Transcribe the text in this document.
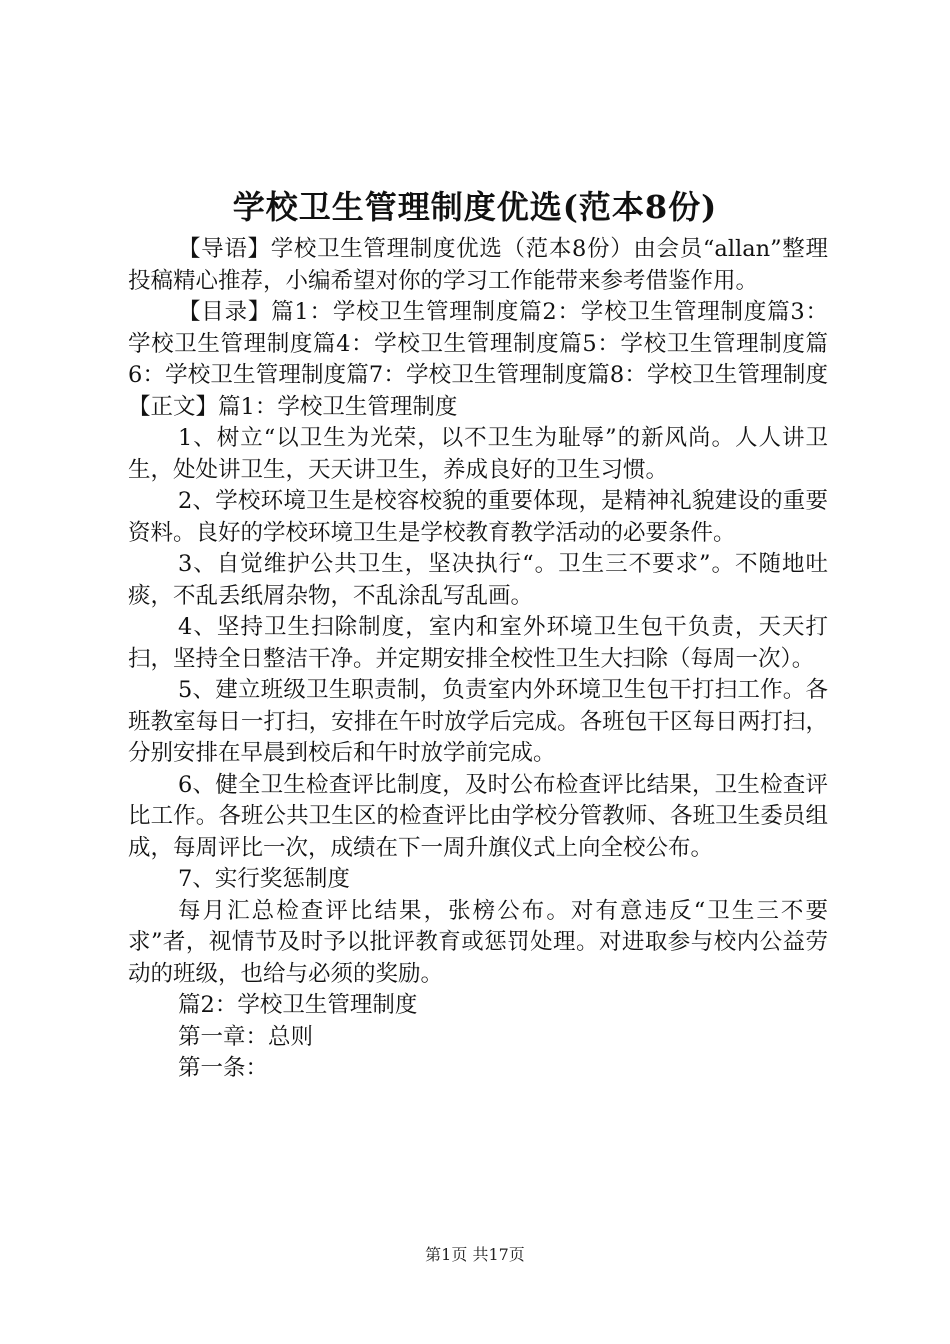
学校卫生管理制度优选(范本8份)

【导语】学校卫生管理制度优选（范本8份）由会员“allan”整理投稿精心推荐，小编希望对你的学习工作能带来参考借鉴作用。

【目录】篇1：学校卫生管理制度篇2：学校卫生管理制度篇3：学校卫生管理制度篇4：学校卫生管理制度篇5：学校卫生管理制度篇6：学校卫生管理制度篇7：学校卫生管理制度篇8：学校卫生管理制度【正文】篇1：学校卫生管理制度

1、树立“以卫生为光荣，以不卫生为耻辱”的新风尚。人人讲卫生，处处讲卫生，天天讲卫生，养成良好的卫生习惯。

2、学校环境卫生是校容校貌的重要体现，是精神礼貌建设的重要资料。良好的学校环境卫生是学校教育教学活动的必要条件。

3、自觉维护公共卫生，坚决执行“。卫生三不要求”。不随地吐痰，不乱丢纸屑杂物，不乱涂乱写乱画。

4、坚持卫生扫除制度，室内和室外环境卫生包干负责，天天打扫，坚持全日整洁干净。并定期安排全校性卫生大扫除（每周一次）。

5、建立班级卫生职责制，负责室内外环境卫生包干打扫工作。各班教室每日一打扫，安排在午时放学后完成。各班包干区每日两打扫，分别安排在早晨到校后和午时放学前完成。

6、健全卫生检查评比制度，及时公布检查评比结果，卫生检查评比工作。各班公共卫生区的检查评比由学校分管教师、各班卫生委员组成，每周评比一次，成绩在下一周升旗仪式上向全校公布。

7、实行奖惩制度

每月汇总检查评比结果，张榜公布。对有意违反“卫生三不要求”者，视情节及时予以批评教育或惩罚处理。对进取参与校内公益劳动的班级，也给与必须的奖励。

篇2：学校卫生管理制度

第一章：总则

第一条：

第1页 共17页
